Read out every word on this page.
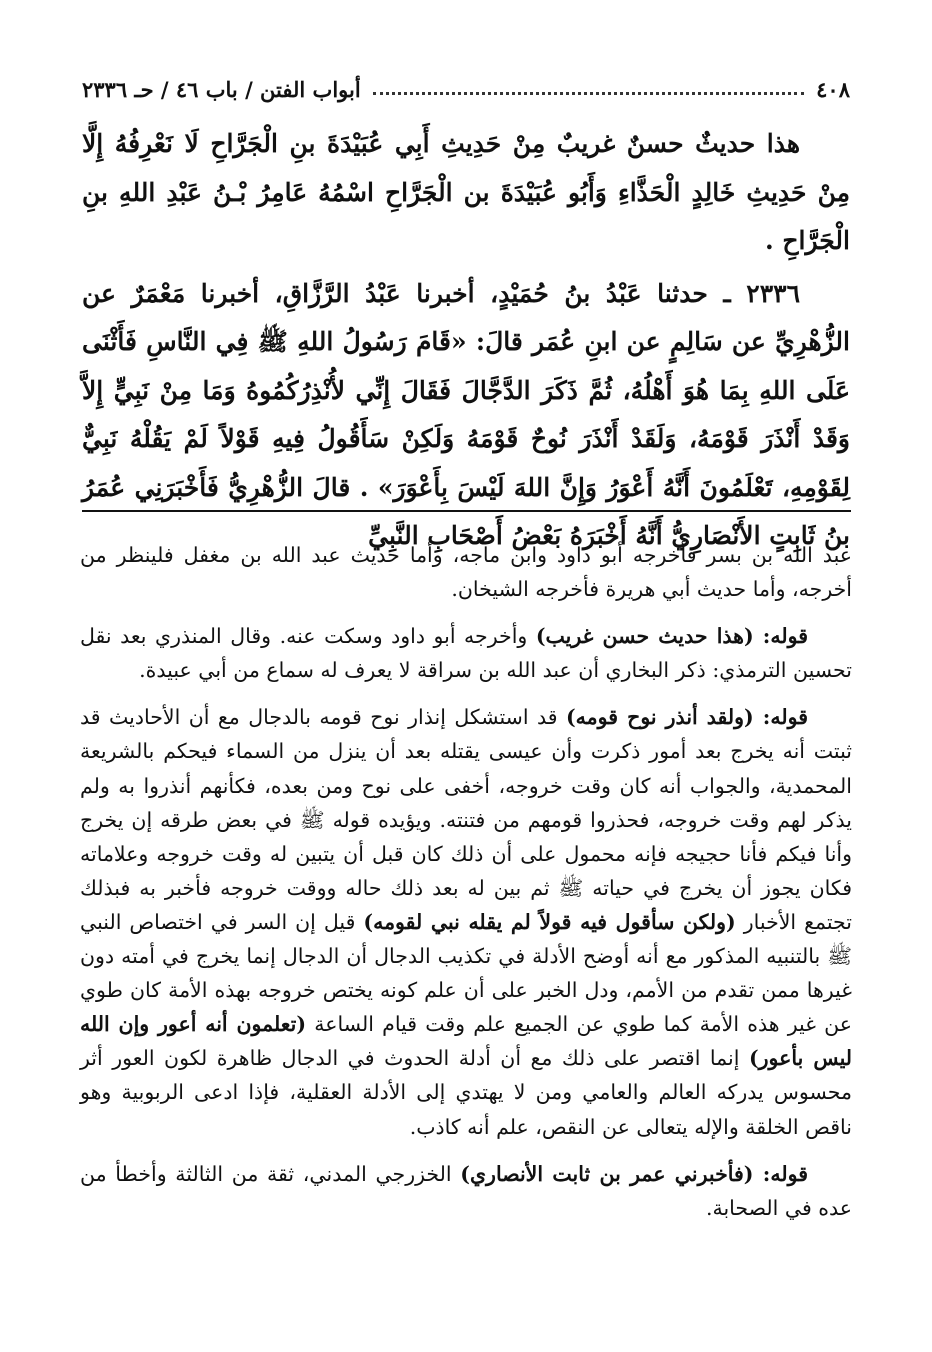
٤٠٨
أبواب الفتن / باب ٤٦ / حـ ٢٣٣٦

هذا حديثٌ حسنٌ غريبٌ مِنْ حَدِيثِ أَبِي عُبَيْدَةَ بنِ الْجَرَّاحِ لَا نَعْرِفُهُ إِلَّا مِنْ حَدِيثِ خَالِدٍ الْحَذَّاءِ وَأَبُو عُبَيْدَةَ بن الْجَرَّاحِ اسْمُهُ عَامِرُ بْـنُ عَبْدِ اللهِ بنِ الْجَرَّاحِ .

٢٣٣٦ ـ حدثنا عَبْدُ بنُ حُمَيْدٍ، أخبرنا عَبْدُ الرَّزَّاقِ، أخبرنا مَعْمَرٌ عن الزُّهْرِيِّ عن سَالِمٍ عن ابنِ عُمَر قالَ: «قَامَ رَسُولُ اللهِ ﷺ فِي النَّاسِ فَأَثْنَى عَلَى اللهِ بِمَا هُوَ أَهْلُهُ، ثُمَّ ذَكَرَ الدَّجَّالَ فَقَالَ إِنِّي لأُنْذِرُكُمُوهُ وَمَا مِنْ نَبِيٍّ إِلاَّ وَقَدْ أَنْذَرَ قَوْمَهُ، وَلَقَدْ أَنْذَرَ نُوحٌ قَوْمَهُ وَلَكِنْ سَأَقُولُ فِيهِ قَوْلاً لَمْ يَقُلْهُ نَبِيٌّ لِقَوْمِهِ، تَعْلَمُونَ أَنَّهُ أَعْوَرُ وَإِنَّ اللهَ لَيْسَ بِأَعْوَرَ» . قالَ الزُّهْرِيُّ فَأَخْبَرَنِي عُمَرُ بنُ ثَابِتٍ الأَنْصَارِيُّ أَنَّهُ أَخْبَرَهُ بَعْضُ أَصْحَابِ النَّبِيِّ

عبد الله بن بسر فأخرجه أبو داود وابن ماجه، وأما حديث عبد الله بن مغفل فلينظر من أخرجه، وأما حديث أبي هريرة فأخرجه الشيخان.

قوله: (هذا حديث حسن غريب) وأخرجه أبو داود وسكت عنه. وقال المنذري بعد نقل تحسين الترمذي: ذكر البخاري أن عبد الله بن سراقة لا يعرف له سماع من أبي عبيدة.

قوله: (ولقد أنذر نوح قومه) قد استشكل إنذار نوح قومه بالدجال مع أن الأحاديث قد ثبتت أنه يخرج بعد أمور ذكرت وأن عيسى يقتله بعد أن ينزل من السماء فيحكم بالشريعة المحمدية، والجواب أنه كان وقت خروجه، أخفى على نوح ومن بعده، فكأنهم أنذروا به ولم يذكر لهم وقت خروجه، فحذروا قومهم من فتنته. ويؤيده قوله ﷺ في بعض طرقه إن يخرج وأنا فيكم فأنا حجيجه فإنه محمول على أن ذلك كان قبل أن يتبين له وقت خروجه وعلاماته فكان يجوز أن يخرج في حياته ﷺ ثم بين له بعد ذلك حاله ووقت خروجه فأخبر به فبذلك تجتمع الأخبار (ولكن سأقول فيه قولاً لم يقله نبي لقومه) قيل إن السر في اختصاص النبي ﷺ بالتنبيه المذكور مع أنه أوضح الأدلة في تكذيب الدجال أن الدجال إنما يخرج في أمته دون غيرها ممن تقدم من الأمم، ودل الخبر على أن علم كونه يختص خروجه بهذه الأمة كان طوي عن غير هذه الأمة كما طوي عن الجميع علم وقت قيام الساعة (تعلمون أنه أعور وإن الله ليس بأعور) إنما اقتصر على ذلك مع أن أدلة الحدوث في الدجال ظاهرة لكون العور أثر محسوس يدركه العالم والعامي ومن لا يهتدي إلى الأدلة العقلية، فإذا ادعى الربوبية وهو ناقص الخلقة والإله يتعالى عن النقص، علم أنه كاذب.

قوله: (فأخبرني عمر بن ثابت الأنصاري) الخزرجي المدني، ثقة من الثالثة وأخطأ من عده في الصحابة.
